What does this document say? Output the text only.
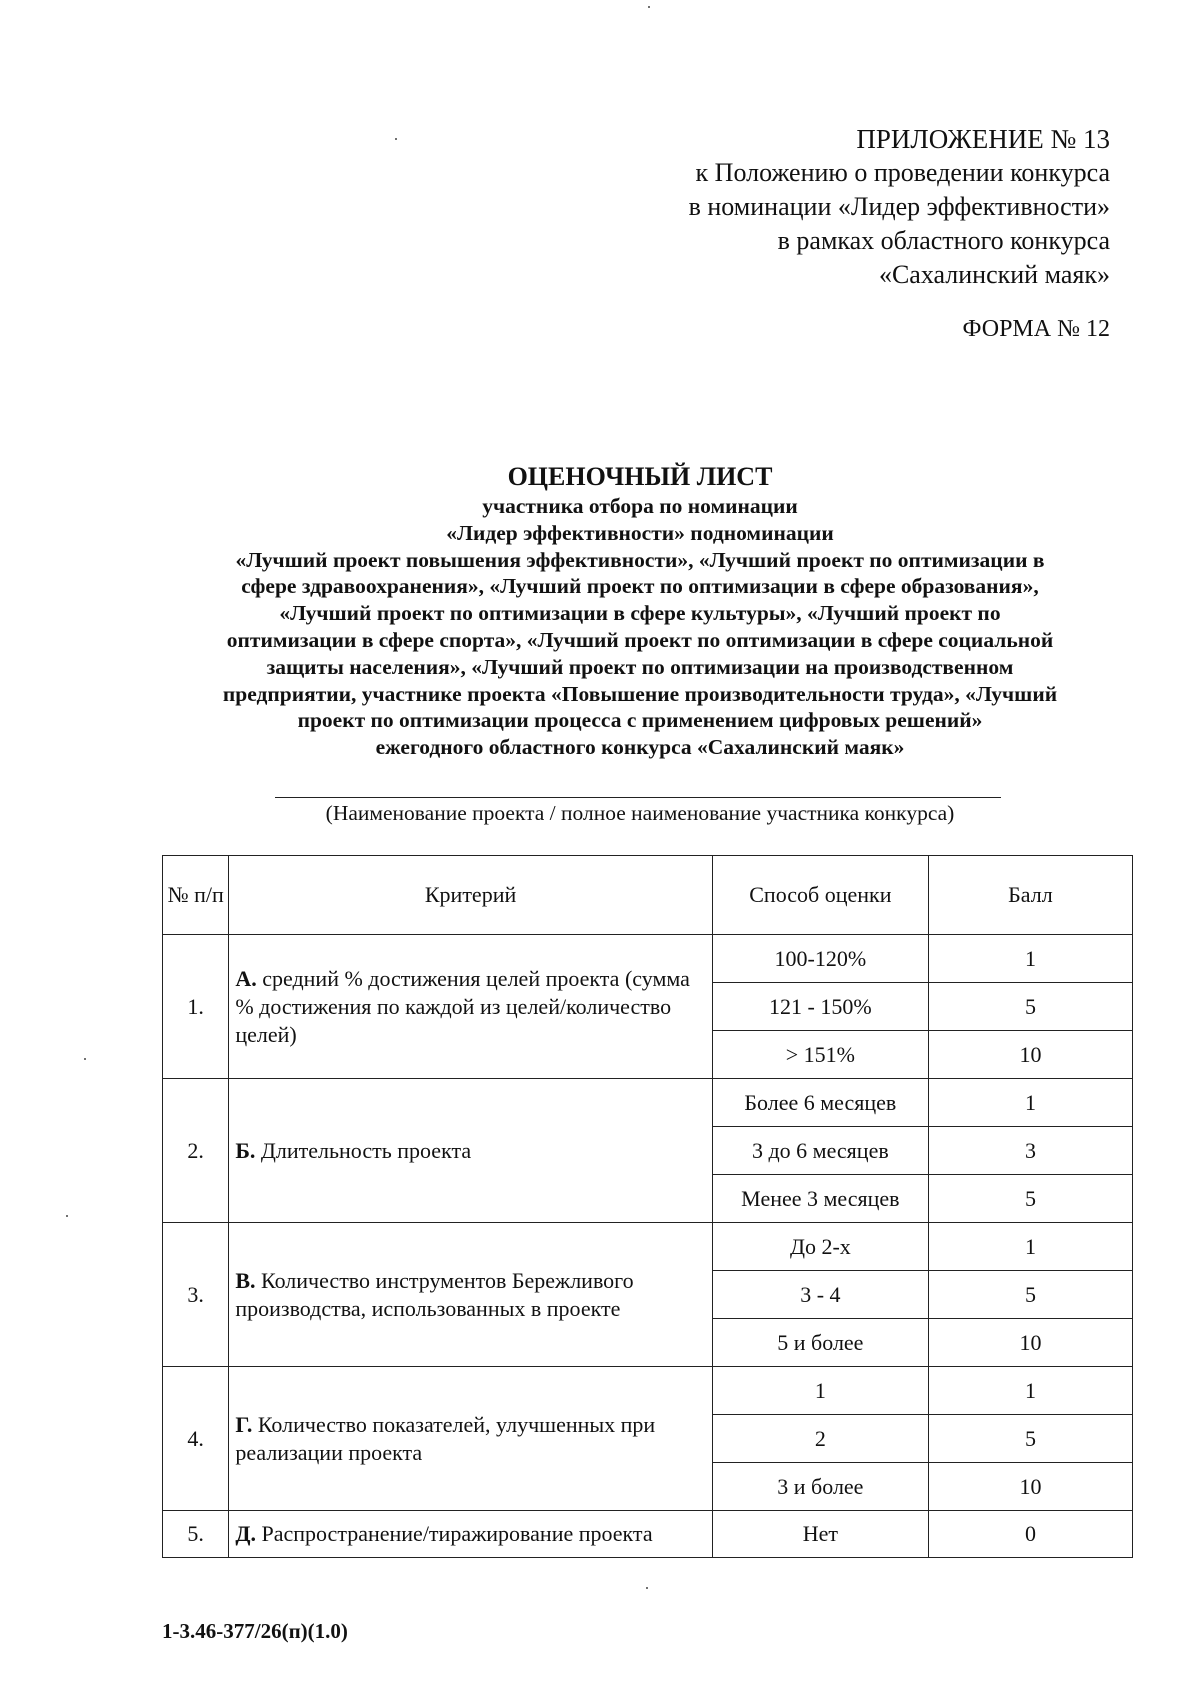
ПРИЛОЖЕНИЕ № 13
к Положению о проведении конкурса
в номинации «Лидер эффективности»
в рамках областного конкурса
«Сахалинский маяк»
ФОРМА № 12
ОЦЕНОЧНЫЙ ЛИСТ
участника отбора по номинации
«Лидер эффективности» подноминации
«Лучший проект повышения эффективности», «Лучший проект по оптимизации в
сфере здравоохранения», «Лучший проект по оптимизации в сфере образования»,
«Лучший проект по оптимизации в сфере культуры», «Лучший проект по
оптимизации в сфере спорта», «Лучший проект по оптимизации в сфере социальной
защиты населения», «Лучший проект по оптимизации на производственном
предприятии, участнике проекта «Повышение производительности труда», «Лучший
проект по оптимизации процесса с применением цифровых решений»
ежегодного областного конкурса «Сахалинский маяк»
(Наименование проекта / полное наименование участника конкурса)
№ п/п	Критерий	Способ оценки	Балл
1.	А. средний % достижения целей проекта (сумма % достижения по каждой из целей/количество целей)	100-120%	1
		121 - 150%	5
		> 151%	10
2.	Б. Длительность проекта	Более 6 месяцев	1
		3 до 6 месяцев	3
		Менее 3 месяцев	5
3.	В. Количество инструментов Бережливого производства, использованных в проекте	До 2-х	1
		3 - 4	5
		5 и более	10
4.	Г. Количество показателей, улучшенных при реализации проекта	1	1
		2	5
		3 и более	10
5.	Д. Распространение/тиражирование проекта	Нет	0
1-3.46-377/26(п)(1.0)
